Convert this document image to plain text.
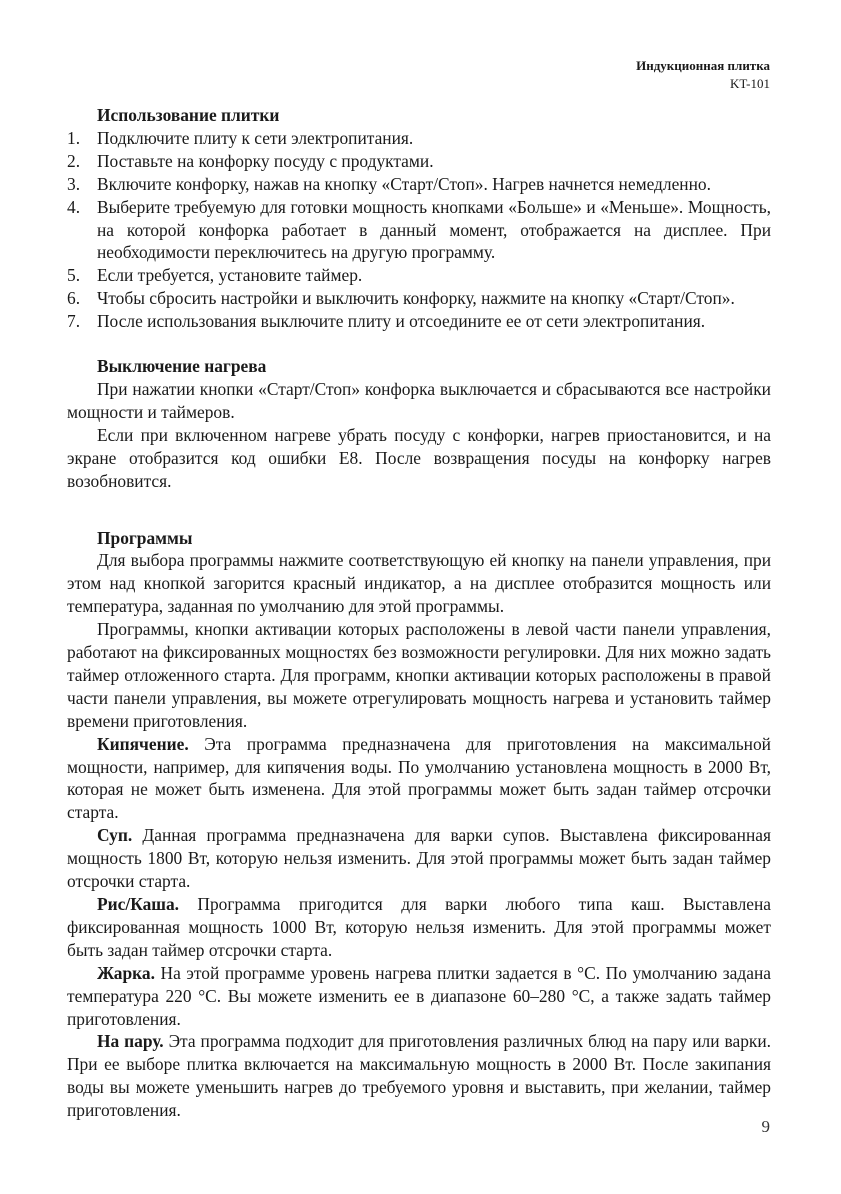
Индукционная плитка
KT-101
Использование плитки
1. Подключите плиту к сети электропитания.
2. Поставьте на конфорку посуду с продуктами.
3. Включите конфорку, нажав на кнопку «Старт/Стоп». Нагрев начнется немедленно.
4. Выберите требуемую для готовки мощность кнопками «Больше» и «Меньше». Мощность, на которой конфорка работает в данный момент, отображается на дисплее. При необходимости переключитесь на другую программу.
5. Если требуется, установите таймер.
6. Чтобы сбросить настройки и выключить конфорку, нажмите на кнопку «Старт/Стоп».
7. После использования выключите плиту и отсоедините ее от сети электропитания.
Выключение нагрева

При нажатии кнопки «Старт/Стоп» конфорка выключается и сбрасываются все настройки мощности и таймеров.

Если при включенном нагреве убрать посуду с конфорки, нагрев приостановится, и на экране отобразится код ошибки E8. После возвращения посуды на конфорку нагрев возобновится.

Программы

Для выбора программы нажмите соответствующую ей кнопку на панели управления, при этом над кнопкой загорится красный индикатор, а на дисплее отобразится мощность или температура, заданная по умолчанию для этой программы.

Программы, кнопки активации которых расположены в левой части панели управления, работают на фиксированных мощностях без возможности регулировки. Для них можно задать таймер отложенного старта. Для программ, кнопки активации которых расположены в правой части панели управления, вы можете отрегулировать мощность нагрева и установить таймер времени приготовления.

Кипячение. Эта программа предназначена для приготовления на максимальной мощности, например, для кипячения воды. По умолчанию установлена мощность в 2000 Вт, которая не может быть изменена. Для этой программы может быть задан таймер отсрочки старта.

Суп. Данная программа предназначена для варки супов. Выставлена фиксированная мощность 1800 Вт, которую нельзя изменить. Для этой программы может быть задан таймер отсрочки старта.

Рис/Каша. Программа пригодится для варки любого типа каш. Выставлена фиксированная мощность 1000 Вт, которую нельзя изменить. Для этой программы может быть задан таймер отсрочки старта.

Жарка. На этой программе уровень нагрева плитки задается в °C. По умолчанию задана температура 220 °C. Вы можете изменить ее в диапазоне 60–280 °C, а также задать таймер приготовления.

На пару. Эта программа подходит для приготовления различных блюд на пару или варки. При ее выборе плитка включается на максимальную мощность в 2000 Вт. После закипания воды вы можете уменьшить нагрев до требуемого уровня и выставить, при желании, таймер приготовления.

9
